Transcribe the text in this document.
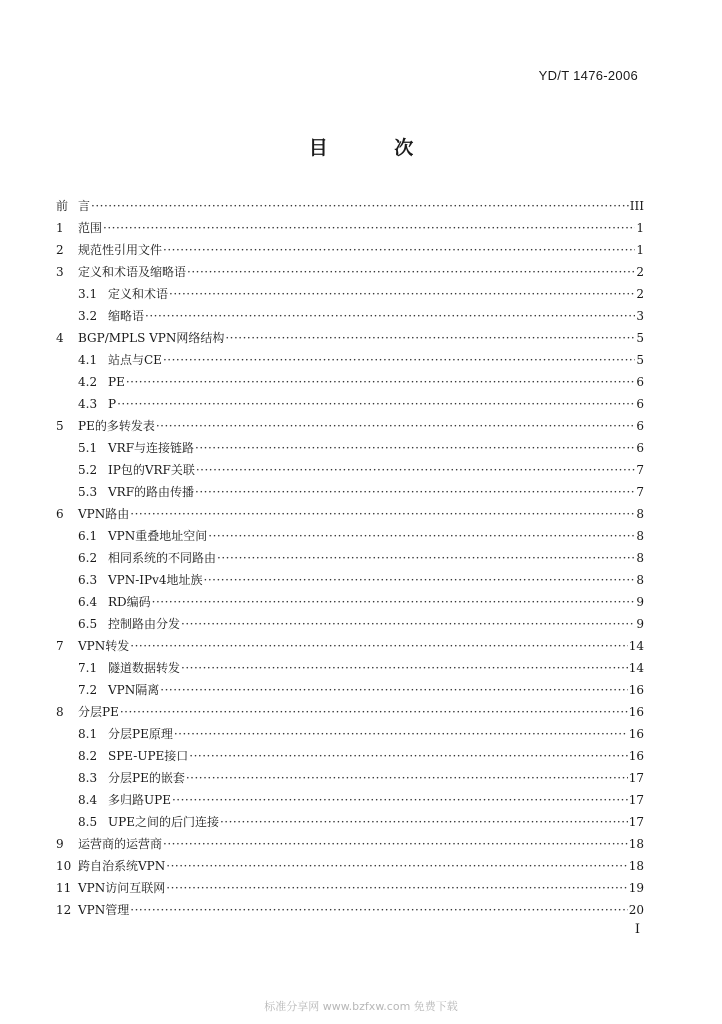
YD/T 1476-2006
目 次
前 言 ·····	III
1	范围 ·····	1
2	规范性引用文件 ·····	1
3	定义和术语及缩略语 ·····	2
3.1 定义和术语 ·····	2
3.2 缩略语 ·····	3
4	BGP/MPLS VPN网络结构 ·····	5
4.1 站点与CE ·····	5
4.2 PE ·····	6
4.3 P ·····	6
5	PE的多转发表 ·····	6
5.1 VRF与连接链路 ·····	6
5.2 IP包的VRF关联 ·····	7
5.3 VRF的路由传播 ·····	7
6	VPN路由 ·····	8
6.1 VPN重叠地址空间 ·····	8
6.2 相同系统的不同路由 ·····	8
6.3 VPN-IPv4地址族 ·····	8
6.4 RD编码 ·····	9
6.5 控制路由分发 ·····	9
7	VPN转发 ·····	14
7.1 隧道数据转发 ·····	14
7.2 VPN隔离 ·····	16
8	分层PE ·····	16
8.1 分层PE原理 ·····	16
8.2 SPE-UPE接口 ·····	16
8.3 分层PE的嵌套 ·····	17
8.4 多归路UPE ·····	17
8.5 UPE之间的后门连接 ·····	17
9	运营商的运营商 ·····	18
10 跨自治系统VPN ·····	18
11 VPN访问互联网 ·····	19
12 VPN管理 ·····	20
I
标准分享网 www.bzfxw.com 免费下载
